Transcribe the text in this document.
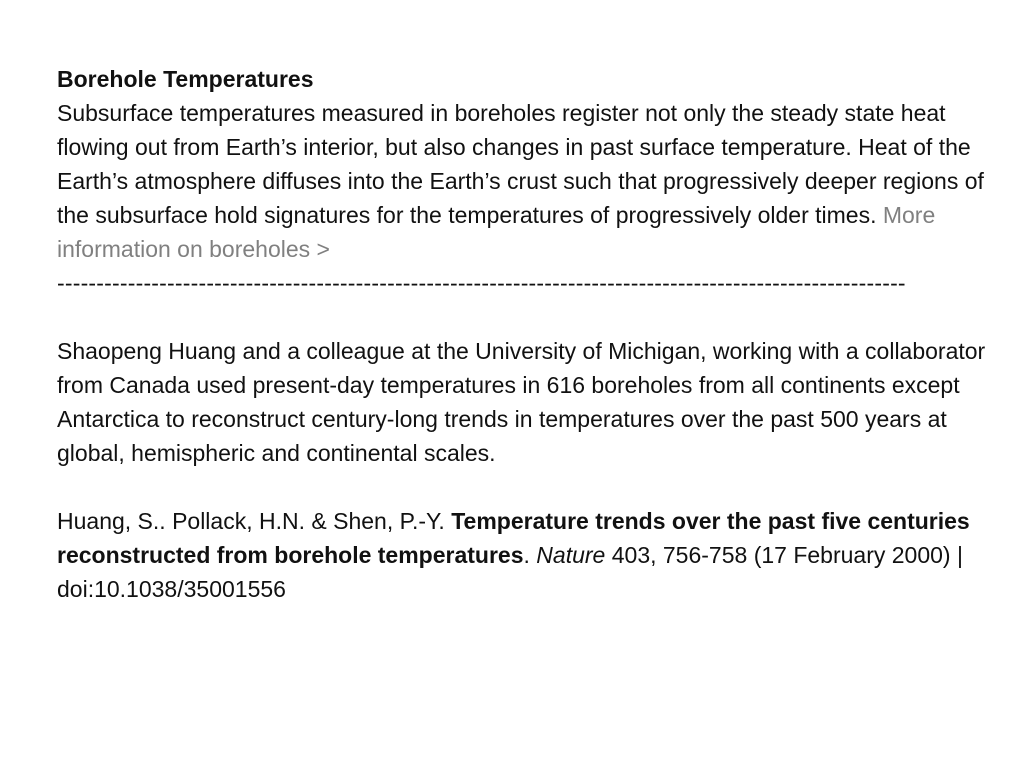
Borehole Temperatures

Subsurface temperatures measured in boreholes register not only the steady state heat flowing out from Earth’s interior, but also changes in past surface temperature. Heat of the Earth’s atmosphere diffuses into the Earth’s crust such that progressively deeper regions of the subsurface hold signatures for the temperatures of progressively older times. More information on boreholes >

------------------------------------------------------------------------------------------------------------

Shaopeng Huang and a colleague at the University of Michigan, working with a collaborator from Canada used present-day temperatures in 616 boreholes from all continents except Antarctica to reconstruct century-long trends in temperatures over the past 500 years at global, hemispheric and continental scales.

Huang, S.. Pollack, H.N. & Shen, P.-Y. Temperature trends over the past five centuries reconstructed from borehole temperatures. Nature 403, 756-758 (17 February 2000) | doi:10.1038/35001556
